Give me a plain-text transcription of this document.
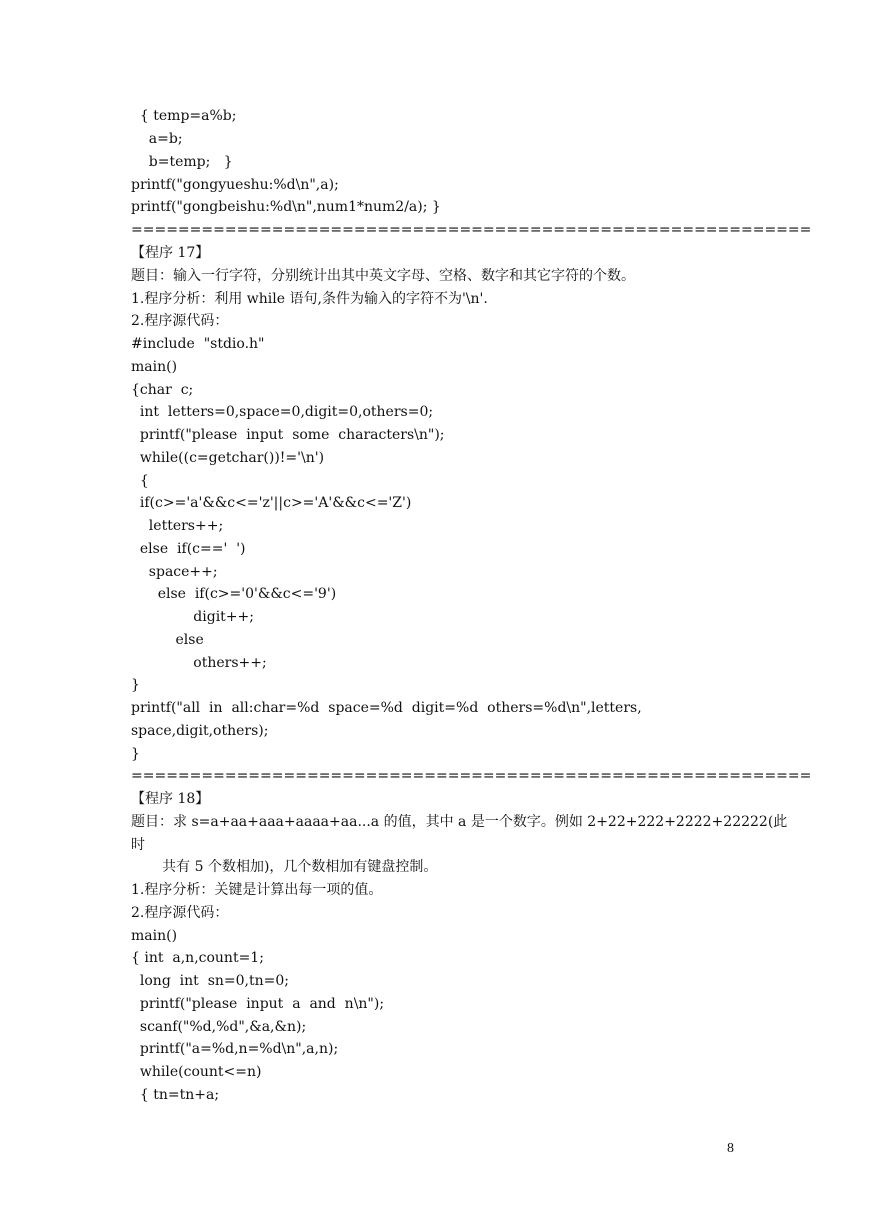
{ temp=a%b;
a=b;
b=temp;   }
printf("gongyueshu:%d\n",a);
printf("gongbeishu:%d\n",num1*num2/a); }
==========================================================
【程序 17】
题目：输入一行字符，分别统计出其中英文字母、空格、数字和其它字符的个数。
1.程序分析：利用 while 语句,条件为输入的字符不为'\n'.
2.程序源代码：
#include  "stdio.h"
main()
{char  c;
int  letters=0,space=0,digit=0,others=0;
printf("please  input  some  characters\n");
while((c=getchar())!='\n')
{
if(c>='a'&&c<='z'||c>='A'&&c<='Z')
letters++;
else  if(c=='  ')
space++;
else  if(c>='0'&&c<='9')
digit++;
else
others++;
}
printf("all  in  all:char=%d  space=%d  digit=%d  others=%d\n",letters,
space,digit,others);
}
==========================================================
【程序 18】
题目：求 s=a+aa+aaa+aaaa+aa...a 的值，其中 a 是一个数字。例如 2+22+222+2222+22222(此
时
共有 5 个数相加)，几个数相加有键盘控制。
1.程序分析：关键是计算出每一项的值。
2.程序源代码：
main()
{ int  a,n,count=1;
long  int  sn=0,tn=0;
printf("please  input  a  and  n\n");
scanf("%d,%d",&a,&n);
printf("a=%d,n=%d\n",a,n);
while(count<=n)
{ tn=tn+a;
8
